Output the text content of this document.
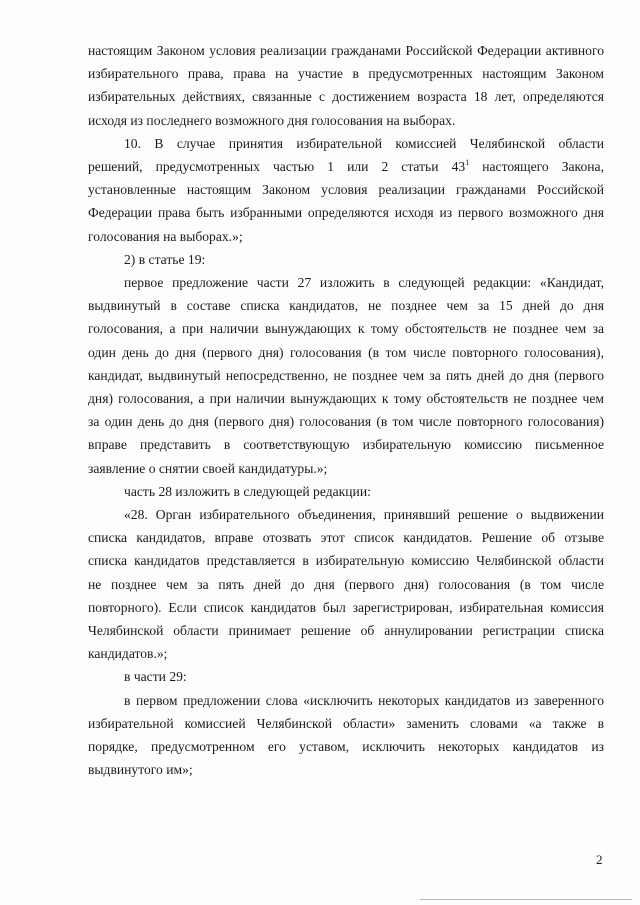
настоящим Законом условия реализации гражданами Российской Федерации активного
избирательного права, права на участие в предусмотренных настоящим Законом
избирательных действиях, связанные с достижением возраста 18 лет, определяются
исходя из последнего возможного дня голосования на выборах.
10. В случае принятия избирательной комиссией Челябинской области
решений, предусмотренных частью 1 или 2 статьи $43^1$ настоящего Закона,
установленные настоящим Законом условия реализации гражданами Российской
Федерации права быть избранными определяются исходя из первого возможного дня
голосования на выборах.»;
2) в статье 19:
первое предложение части 27 изложить в следующей редакции: «Кандидат,
выдвинутый в составе списка кандидатов, не позднее чем за 15 дней до дня
голосования, а при наличии вынуждающих к тому обстоятельств не позднее чем за
один день до дня (первого дня) голосования (в том числе повторного голосования),
кандидат, выдвинутый непосредственно, не позднее чем за пять дней до дня (первого
дня) голосования, а при наличии вынуждающих к тому обстоятельств не позднее чем
за один день до дня (первого дня) голосования (в том числе повторного голосования)
вправе представить в соответствующую избирательную комиссию письменное
заявление о снятии своей кандидатуры.»;
часть 28 изложить в следующей редакции:
«28. Орган избирательного объединения, принявший решение о выдвижении
списка кандидатов, вправе отозвать этот список кандидатов. Решение об отзыве
списка кандидатов представляется в избирательную комиссию Челябинской области
не позднее чем за пять дней до дня (первого дня) голосования (в том числе
повторного). Если список кандидатов был зарегистрирован, избирательная комиссия
Челябинской области принимает решение об аннулировании регистрации списка
кандидатов.»;
в части 29:
в первом предложении слова «исключить некоторых кандидатов из заверенного
избирательной комиссией Челябинской области» заменить словами «а также в
порядке, предусмотренном его уставом, исключить некоторых кандидатов из
выдвинутого им»;
2
